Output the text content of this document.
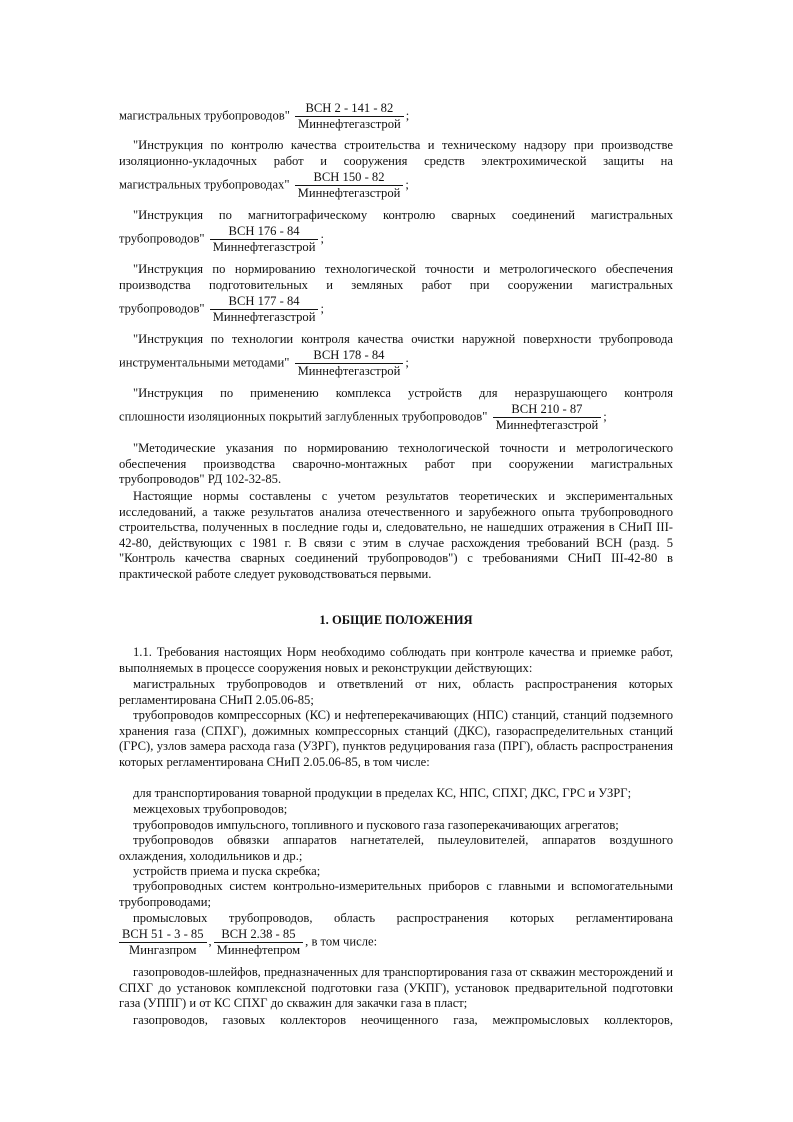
магистральных трубопроводов" $\frac{\text{ВСН 2 - 141 - 82}}{\text{Миннефтегазстрой}}$ ;
"Инструкция по контролю качества строительства и техническому надзору при производстве изоляционно-укладочных работ и сооружения средств электрохимической защиты на
магистральных трубопроводах" $\frac{\text{ВСН 150 - 82}}{\text{Миннефтегазстрой}}$ ;
"Инструкция по магнитографическому контролю сварных соединений магистральных
трубопроводов" $\frac{\text{ВСН 176 - 84}}{\text{Миннефтегазстрой}}$ ;
"Инструкция по нормированию технологической точности и метрологического обеспечения производства подготовительных и земляных работ при сооружении магистральных
трубопроводов" $\frac{\text{ВСН 177 - 84}}{\text{Миннефтегазстрой}}$ ;
"Инструкция по технологии контроля качества очистки наружной поверхности трубопровода
инструментальными методами" $\frac{\text{ВСН 178 - 84}}{\text{Миннефтегазстрой}}$ ;
"Инструкция по применению комплекса устройств для неразрушающего контроля
сплошности изоляционных покрытий заглубленных трубопроводов" $\frac{\text{ВСН 210 - 87}}{\text{Миннефтегазстрой}}$ ;
"Методические указания по нормированию технологической точности и метрологического обеспечения производства сварочно-монтажных работ при сооружении магистральных трубопроводов" РД 102-32-85.
Настоящие нормы составлены с учетом результатов теоретических и экспериментальных исследований, а также результатов анализа отечественного и зарубежного опыта трубопроводного строительства, полученных в последние годы и, следовательно, не нашедших отражения в СНиП III-42-80, действующих с 1981 г. В связи с этим в случае расхождения требований ВСН (разд. 5 "Контроль качества сварных соединений трубопроводов") с требованиями СНиП III-42-80 в практической работе следует руководствоваться первыми.
1. ОБЩИЕ ПОЛОЖЕНИЯ
1.1. Требования настоящих Норм необходимо соблюдать при контроле качества и приемке работ, выполняемых в процессе сооружения новых и реконструкции действующих:
магистральных трубопроводов и ответвлений от них, область распространения которых регламентирована СНиП 2.05.06-85;
трубопроводов компрессорных (КС) и нефтеперекачивающих (НПС) станций, станций подземного хранения газа (СПХГ), дожимных компрессорных станций (ДКС), газораспределительных станций (ГРС), узлов замера расхода газа (УЗРГ), пунктов редуцирования газа (ПРГ), область распространения которых регламентирована СНиП 2.05.06-85, в том числе:
для транспортирования товарной продукции в пределах КС, НПС, СПХГ, ДКС, ГРС и УЗРГ;
межцеховых трубопроводов;
трубопроводов импульсного, топливного и пускового газа газоперекачивающих агрегатов;
трубопроводов обвязки аппаратов нагнетателей, пылеуловителей, аппаратов воздушного охлаждения, холодильников и др.;
устройств приема и пуска скребка;
трубопроводных систем контрольно-измерительных приборов с главными и вспомогательными трубопроводами;
промысловых трубопроводов, область распространения которых регламентирована
$\frac{\text{ВСН 51 - 3 - 85}}{\text{Мингазпром}}$ , $\frac{\text{ВСН 2.38 - 85}}{\text{Миннефтепром}}$ , в том числе:
газопроводов-шлейфов, предназначенных для транспортирования газа от скважин месторождений и СПХГ до установок комплексной подготовки газа (УКПГ), установок предварительной подготовки газа (УППГ) и от КС СПХГ до скважин для закачки газа в пласт;
газопроводов, газовых коллекторов неочищенного газа, межпромысловых коллекторов,
